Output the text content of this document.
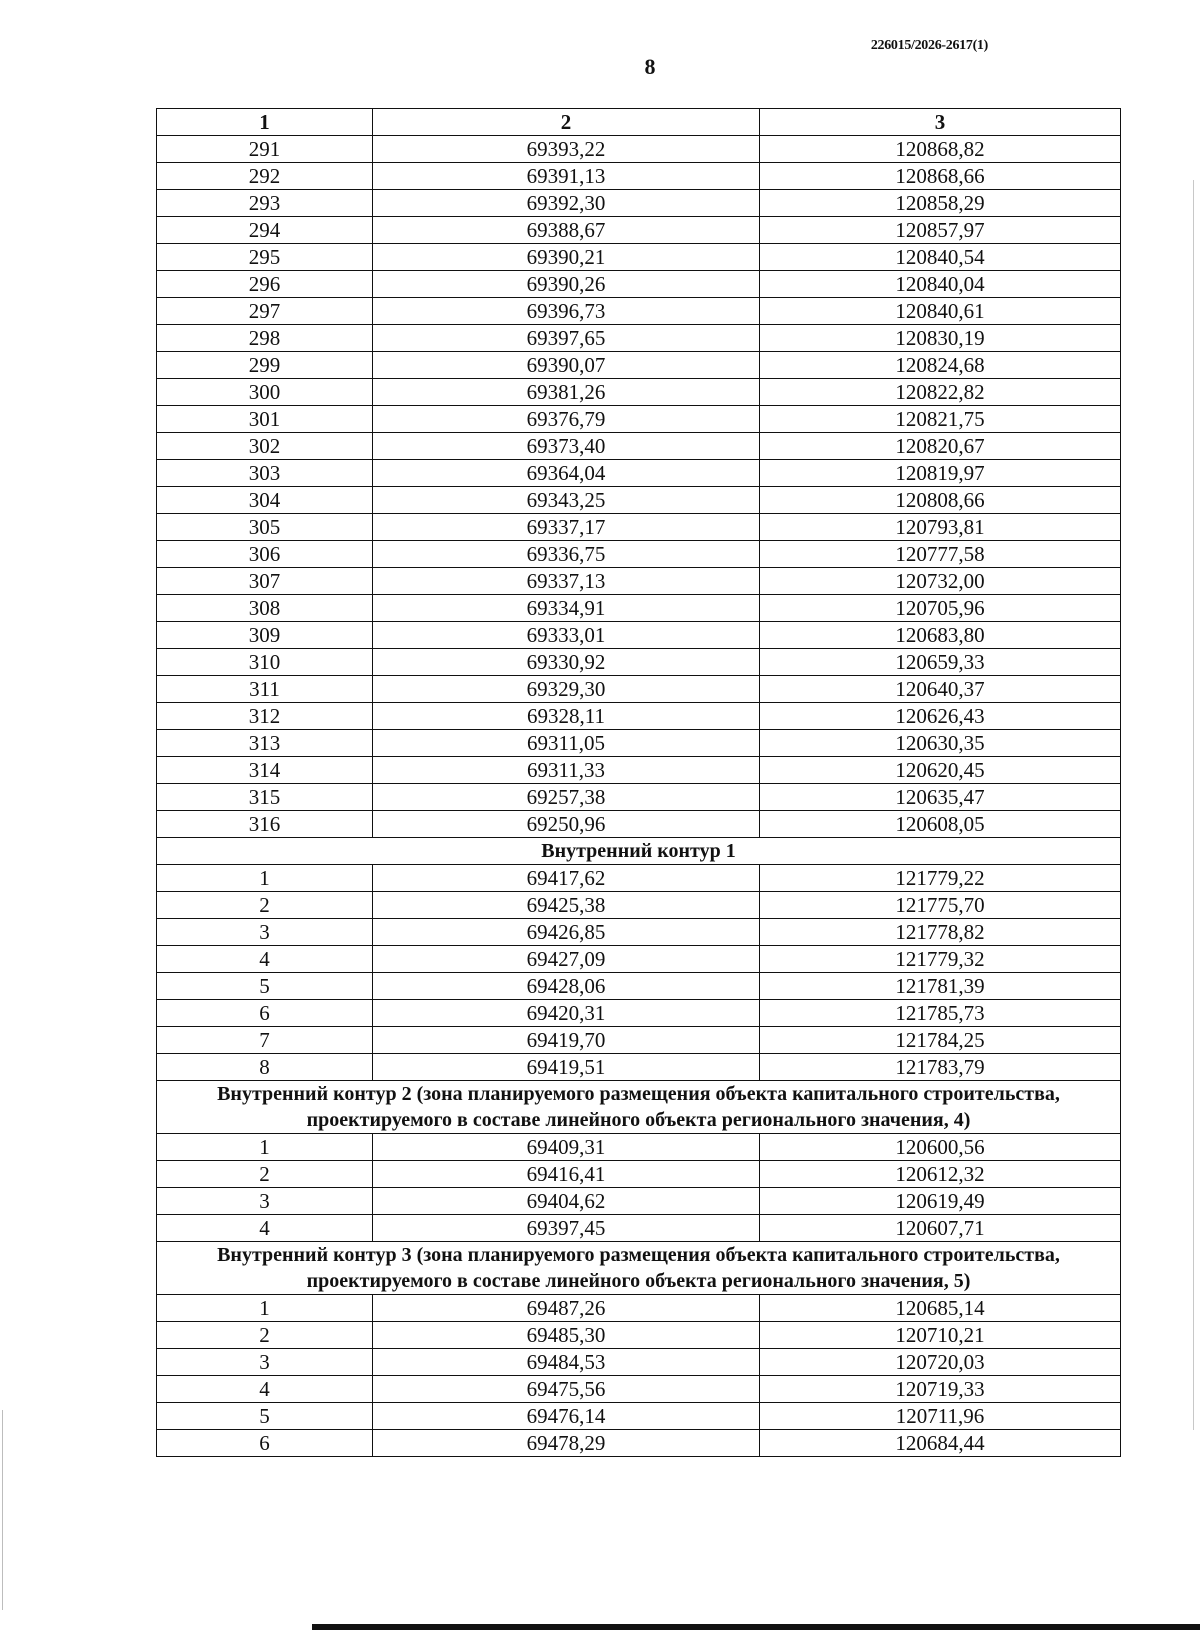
226015/2026-2617(1)
8
1	2	3
291	69393,22	120868,82
292	69391,13	120868,66
293	69392,30	120858,29
294	69388,67	120857,97
295	69390,21	120840,54
296	69390,26	120840,04
297	69396,73	120840,61
298	69397,65	120830,19
299	69390,07	120824,68
300	69381,26	120822,82
301	69376,79	120821,75
302	69373,40	120820,67
303	69364,04	120819,97
304	69343,25	120808,66
305	69337,17	120793,81
306	69336,75	120777,58
307	69337,13	120732,00
308	69334,91	120705,96
309	69333,01	120683,80
310	69330,92	120659,33
311	69329,30	120640,37
312	69328,11	120626,43
313	69311,05	120630,35
314	69311,33	120620,45
315	69257,38	120635,47
316	69250,96	120608,05
Внутренний контур 1		
1	69417,62	121779,22
2	69425,38	121775,70
3	69426,85	121778,82
4	69427,09	121779,32
5	69428,06	121781,39
6	69420,31	121785,73
7	69419,70	121784,25
8	69419,51	121783,79
Внутренний контур 2 (зона планируемого размещения объекта капитального строительства, проектируемого в составе линейного объекта регионального значения, 4)		
1	69409,31	120600,56
2	69416,41	120612,32
3	69404,62	120619,49
4	69397,45	120607,71
Внутренний контур 3 (зона планируемого размещения объекта капитального строительства, проектируемого в составе линейного объекта регионального значения, 5)		
1	69487,26	120685,14
2	69485,30	120710,21
3	69484,53	120720,03
4	69475,56	120719,33
5	69476,14	120711,96
6	69478,29	120684,44
